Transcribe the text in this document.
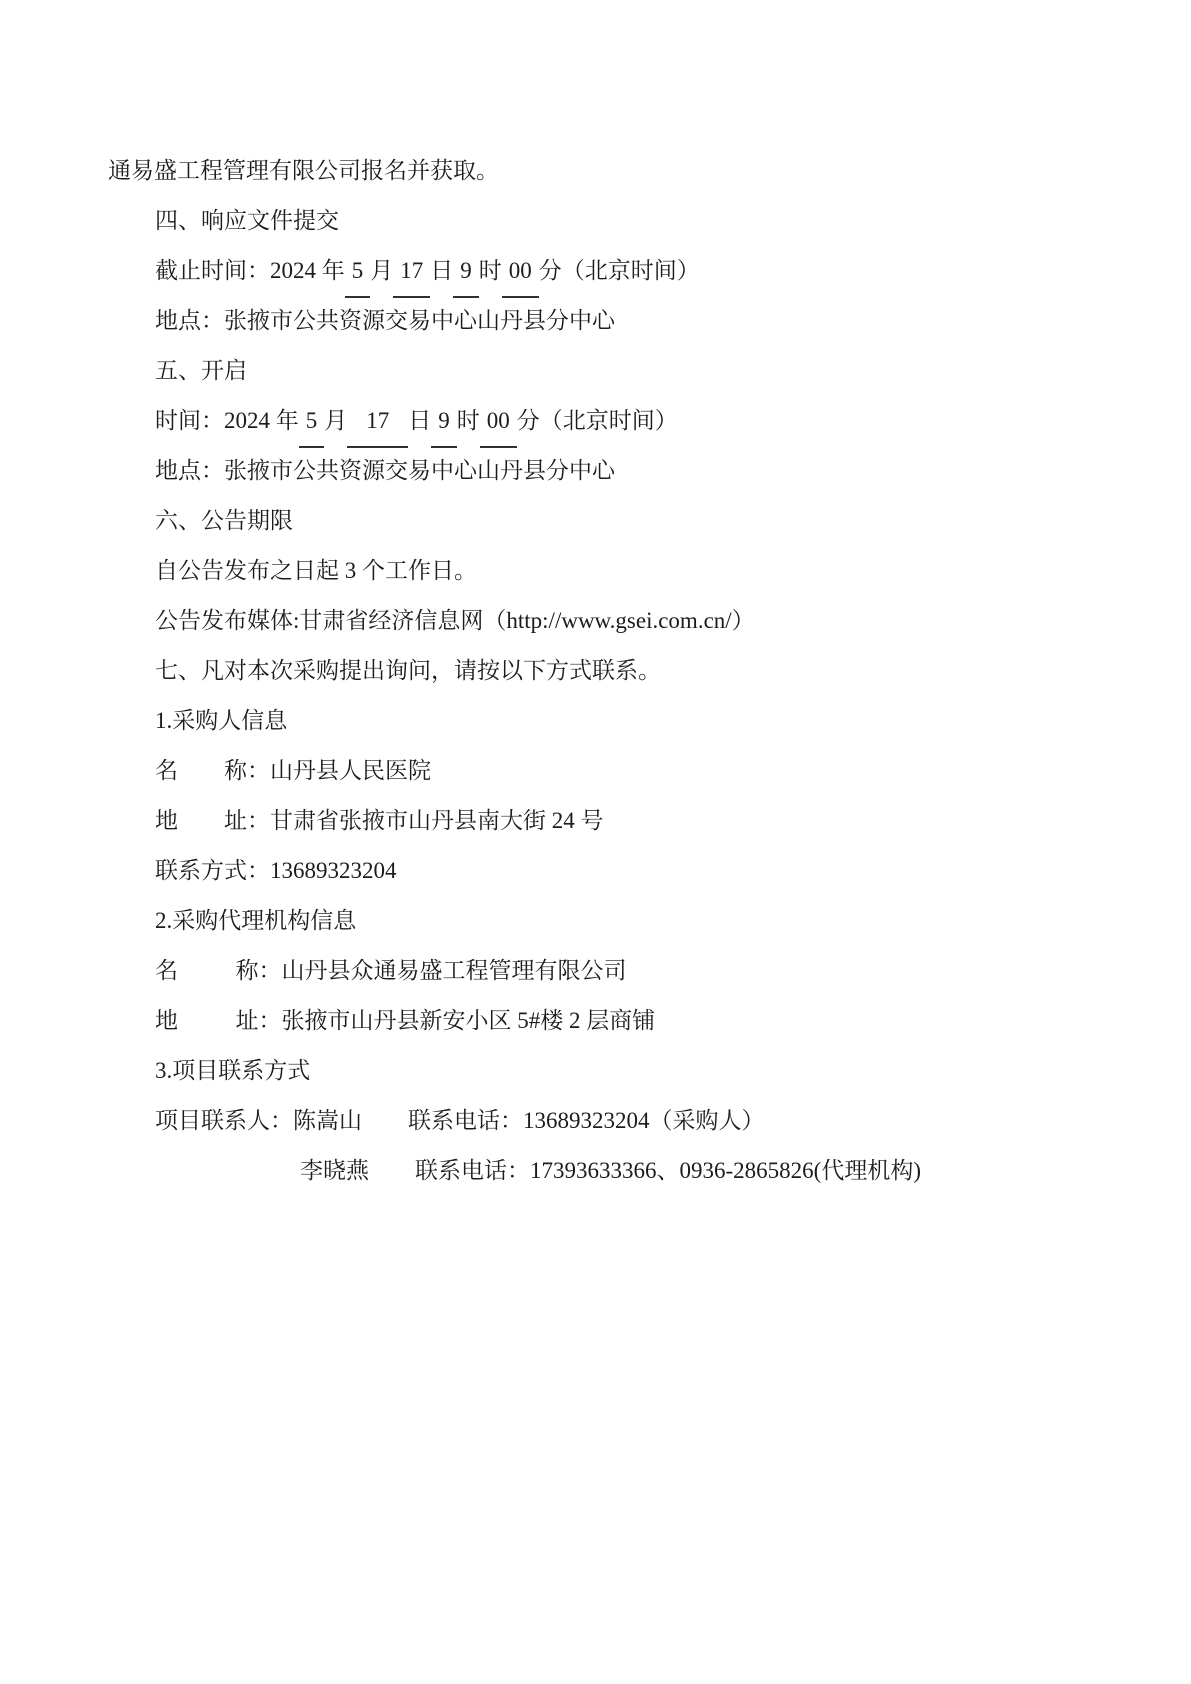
通易盛工程管理有限公司报名并获取。
四、响应文件提交
截止时间：2024 年 5 月 17 日 9 时 00 分（北京时间）
地点：张掖市公共资源交易中心山丹县分中心
五、开启
时间：2024 年 5 月 17 日 9 时 00 分（北京时间）
地点：张掖市公共资源交易中心山丹县分中心
六、公告期限
自公告发布之日起 3 个工作日。
公告发布媒体:甘肃省经济信息网（http://www.gsei.com.cn/）
七、凡对本次采购提出询问，请按以下方式联系。
1.采购人信息
名　　称：山丹县人民医院
地　　址：甘肃省张掖市山丹县南大街 24 号
联系方式：13689323204
2.采购代理机构信息
名　　 称：山丹县众通易盛工程管理有限公司
地　　 址：张掖市山丹县新安小区 5#楼 2 层商铺
3.项目联系方式
项目联系人：陈嵩山　　联系电话：13689323204（采购人）
李晓燕　　联系电话：17393633366、0936-2865826(代理机构)
